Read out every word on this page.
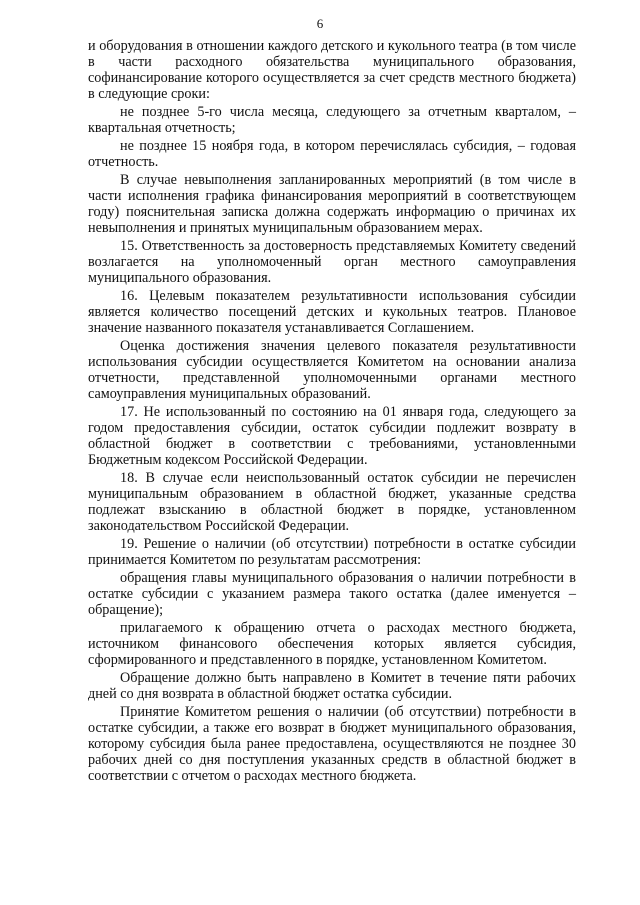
6

и оборудования в отношении каждого детского и кукольного театра (в том числе в части расходного обязательства муниципального образования, софинансирование которого осуществляется за счет средств местного бюджета) в следующие сроки:

не позднее 5-го числа месяца, следующего за отчетным кварталом, – квартальная отчетность;

не позднее 15 ноября года, в котором перечислялась субсидия, – годовая отчетность.

В случае невыполнения запланированных мероприятий (в том числе в части исполнения графика финансирования мероприятий в соответствующем году) пояснительная записка должна содержать информацию о причинах их невыполнения и принятых муниципальным образованием мерах.

15. Ответственность за достоверность представляемых Комитету сведений возлагается на уполномоченный орган местного самоуправления муниципального образования.

16. Целевым показателем результативности использования субсидии является количество посещений детских и кукольных театров. Плановое значение названного показателя устанавливается Соглашением.

Оценка достижения значения целевого показателя результативности использования субсидии осуществляется Комитетом на основании анализа отчетности, представленной уполномоченными органами местного самоуправления муниципальных образований.

17. Не использованный по состоянию на 01 января года, следующего за годом предоставления субсидии, остаток субсидии подлежит возврату в областной бюджет в соответствии с требованиями, установленными Бюджетным кодексом Российской Федерации.

18. В случае если неиспользованный остаток субсидии не перечислен муниципальным образованием в областной бюджет, указанные средства подлежат взысканию в областной бюджет в порядке, установленном законодательством Российской Федерации.

19. Решение о наличии (об отсутствии) потребности в остатке субсидии принимается Комитетом по результатам рассмотрения:

обращения главы муниципального образования о наличии потребности в остатке субсидии с указанием размера такого остатка (далее именуется – обращение);

прилагаемого к обращению отчета о расходах местного бюджета, источником финансового обеспечения которых является субсидия, сформированного и представленного в порядке, установленном Комитетом.

Обращение должно быть направлено в Комитет в течение пяти рабочих дней со дня возврата в областной бюджет остатка субсидии.

Принятие Комитетом решения о наличии (об отсутствии) потребности в остатке субсидии, а также его возврат в бюджет муниципального образования, которому субсидия была ранее предоставлена, осуществляются не позднее 30 рабочих дней со дня поступления указанных средств в областной бюджет в соответствии с отчетом о расходах местного бюджета.
